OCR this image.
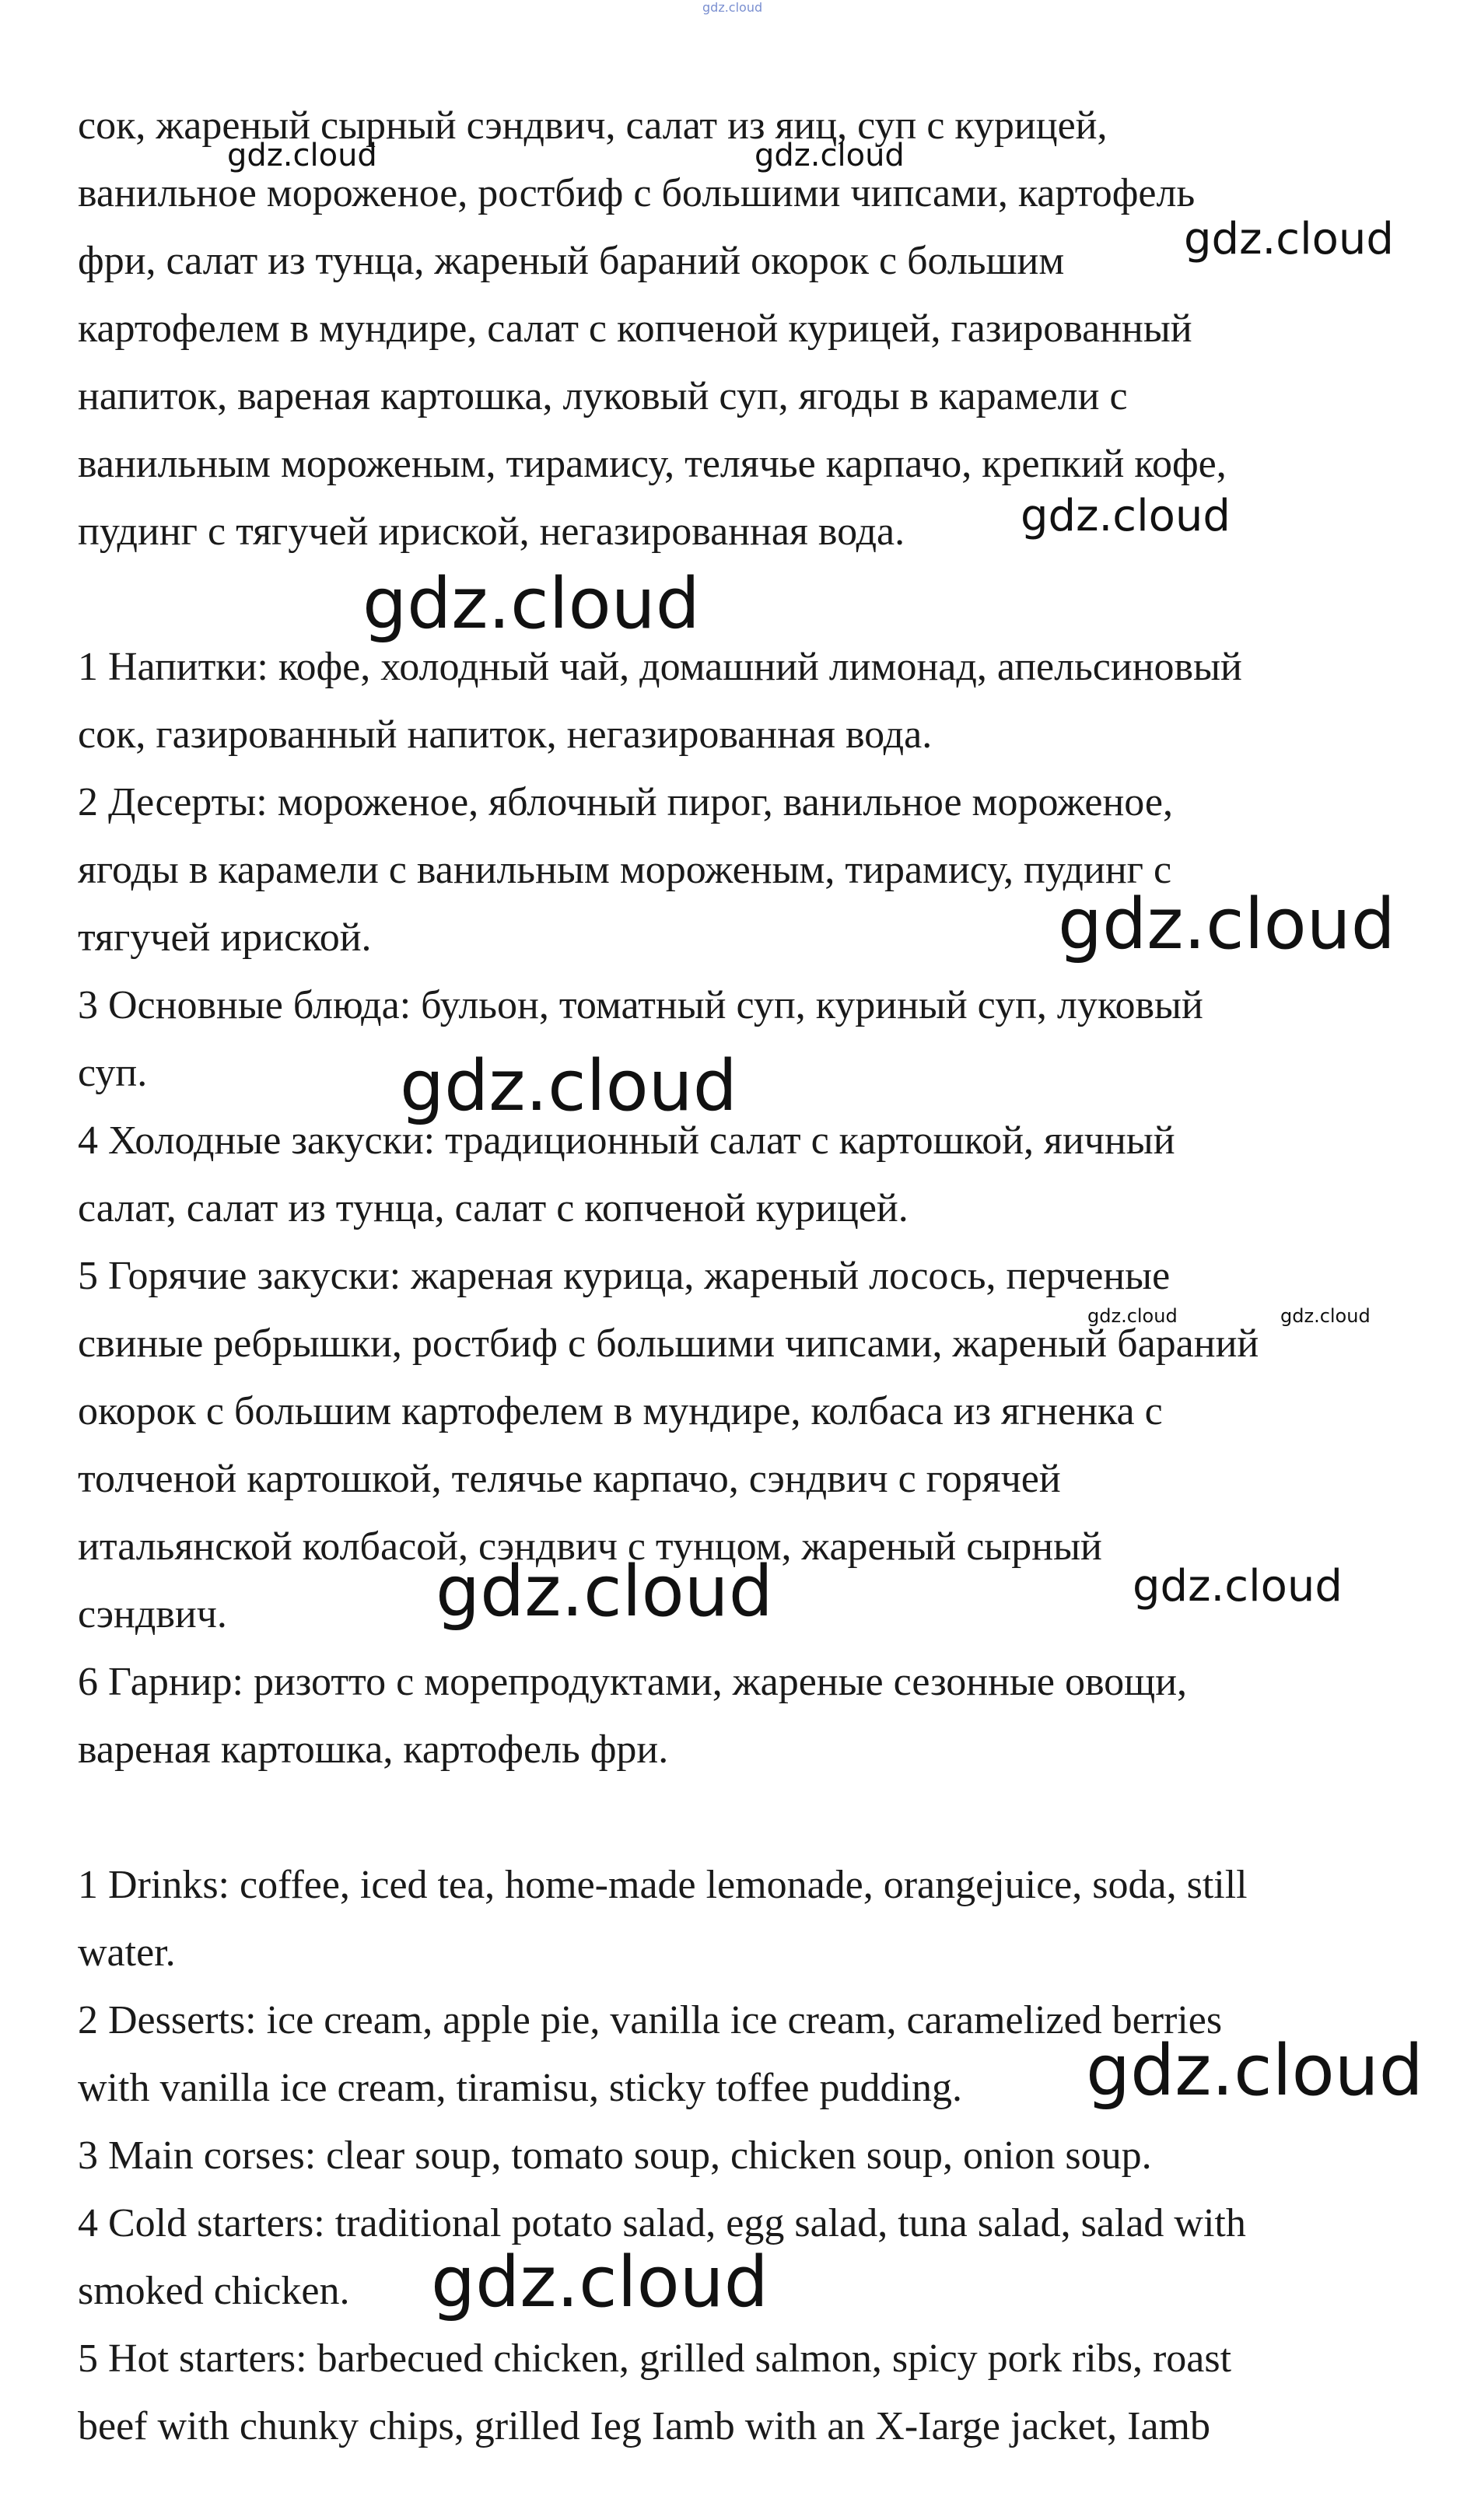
gdz.cloud
сок, жареный сырный сэндвич, салат из яиц, суп с курицей,
ванильное мороженое, ростбиф с большими чипсами, картофель
фри, салат из тунца, жареный бараний окорок с большим
картофелем в мундире, салат с копченой курицей, газированный
напиток, вареная картошка, луковый суп, ягоды в карамели с
ванильным мороженым, тирамису, телячье карпачо, крепкий кофе,
пудинг с тягучей ириской, негазированная вода.
1 Напитки: кофе, холодный чай, домашний лимонад, апельсиновый
сок, газированный напиток, негазированная вода.
2 Десерты: мороженое, яблочный пирог, ванильное мороженое,
ягоды в карамели с ванильным мороженым, тирамису, пудинг с
тягучей ириской.
3 Основные блюда: бульон, томатный суп, куриный суп, луковый
суп.
4 Холодные закуски: традиционный салат с картошкой, яичный
салат, салат из тунца, салат с копченой курицей.
5 Горячие закуски: жареная курица, жареный лосось, перченые
свиные ребрышки, ростбиф с большими чипсами, жареный бараний
окорок с большим картофелем в мундире, колбаса из ягненка с
толченой картошкой, телячье карпачо, сэндвич с горячей
итальянской колбасой, сэндвич с тунцом, жареный сырный
сэндвич.
6 Гарнир: ризотто с морепродуктами, жареные сезонные овощи,
вареная картошка, картофель фри.
1 Drinks: coffee, iced tea, home-made lemonade, orangejuice, soda, still
water.
2 Desserts: ice cream, apple pie, vanilla ice cream, caramelized berries
with vanilla ice cream, tiramisu, sticky toffee pudding.
3 Main corses: clear soup, tomato soup, chicken soup, onion soup.
4 Cold starters: traditional potato salad, egg salad, tuna salad, salad with
smoked chicken.
5 Hot starters: barbecued chicken, grilled salmon, spicy pork ribs, roast
beef with chunky chips, grilled Ieg Iamb with an X-Iarge jacket, Iamb
gdz.cloud	gdz.cloud
gdz.cloud
gdz.cloud
gdz.cloud
gdz.cloud
gdz.cloud
gdz.cloud	gdz.cloud
gdz.cloud	gdz.cloud
gdz.cloud
gdz.cloud
